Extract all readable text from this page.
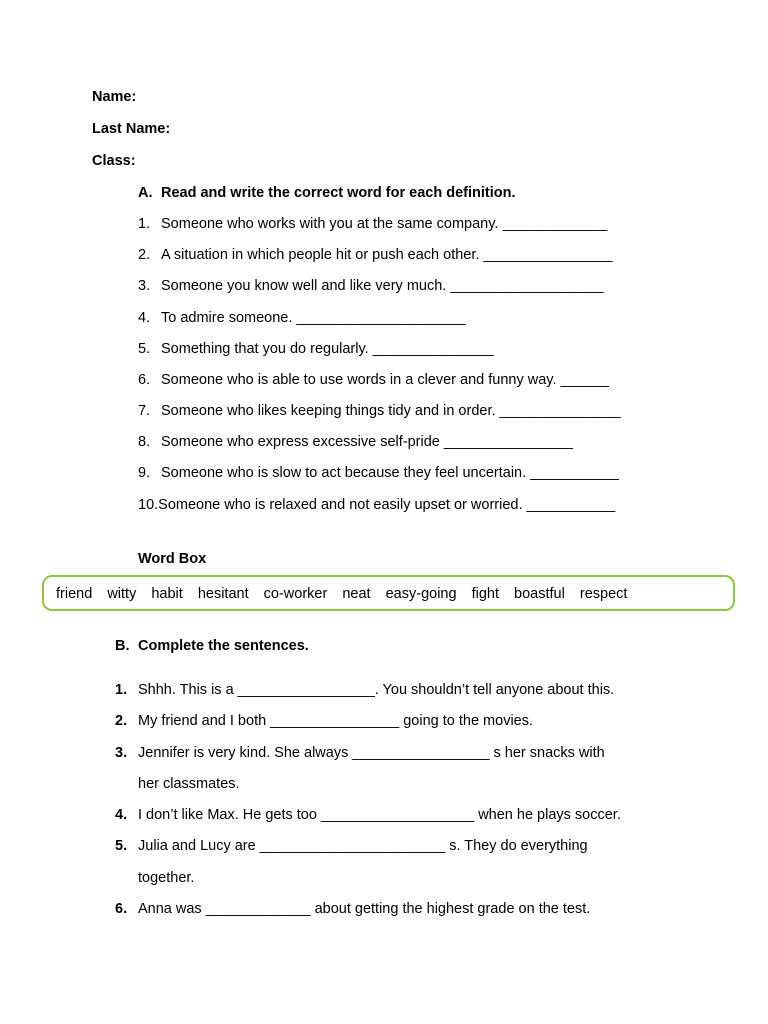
Name:
Last Name:
Class:
A. Read and write the correct word for each definition.
1. Someone who works with you at the same company. _____________
2. A situation in which people hit or push each other. ________________
3. Someone you know well and like very much. ___________________
4. To admire someone. _____________________
5. Something that you do regularly. _______________
6. Someone who is able to use words in a clever and funny way. ______
7. Someone who likes keeping things tidy and in order. _______________
8. Someone who express excessive self-pride ________________
9. Someone who is slow to act because they feel uncertain. ___________
10.Someone who is relaxed and not easily upset or worried. ___________
Word Box
friend witty habit hesitant co-worker neat easy-going fight boastful respect
B. Complete the sentences.
1. Shhh. This is a _________________. You shouldn’t tell anyone about this.
2. My friend and I both ________________ going to the movies.
3. Jennifer is very kind. She always _________________ s her snacks with
her classmates.
4. I don’t like Max. He gets too ___________________ when he plays soccer.
5. Julia and Lucy are _______________________ s. They do everything
together.
6. Anna was _____________ about getting the highest grade on the test.
